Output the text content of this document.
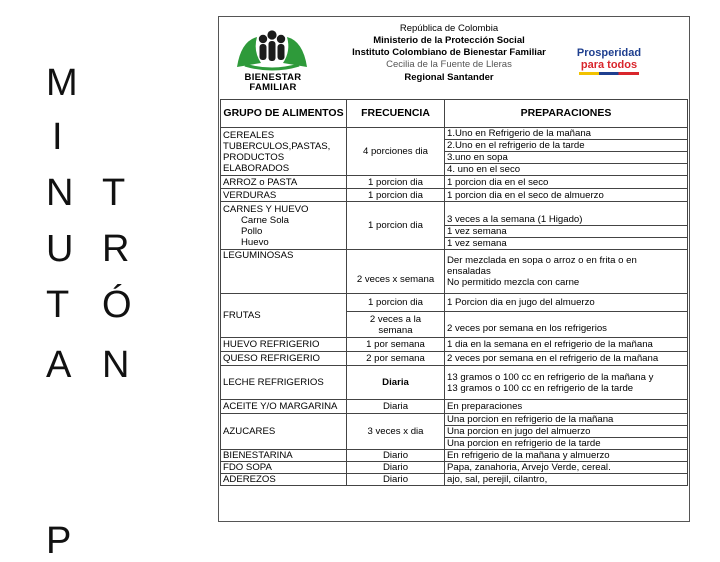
M
I
N
U
T
A
P
T
R
Ó
N
BIENESTAR
FAMILIAR
República de Colombia
Ministerio de la Protección Social
Instituto Colombiano de Bienestar Familiar
Cecilia de la Fuente de Lleras
Regional Santander
Prosperidad
para todos
GRUPO DE ALIMENTOS	FRECUENCIA	PREPARACIONES

CEREALES
TUBERCULOS,PASTAS,
PRODUCTOS
ELABORADOS	4 porciones dia	1.Uno en Refrigerio de la mañana
		2.Uno en el refrigerio de la tarde
		3.uno en sopa
		4. uno en el seco
ARROZ o PASTA	1 porcion dia	1 porcion dia en el seco
VERDURAS	1 porcion dia	1 porcion dia en el seco de almuerzo

CARNES Y HUEVO
Carne Sola
Pollo
Huevo	1 porcion dia	
		3 veces a la semana (1 Higado)
		1 vez semana
		1 vez semana
LEGUMINOSAS	2 veces x semana	Der mezclada en sopa o arroz o en frita o en
ensaladas
No permitido mezcla con carne

FRUTAS	1 porcion dia	1 Porcion dia en jugo del almuerzo
	2 veces a la semana	2 veces por semana en los refrigerios
HUEVO REFRIGERIO	1 por semana	1 dia en la semana en el refrigerio de la mañana
QUESO REFRIGERIO	2 por semana	2 veces por semana en el refrigerio de la mañana
LECHE REFRIGERIOS	Diaria	13 gramos o 100 cc en refrigerio de la mañana y
13 gramos o 100 cc en refrigerio de la tarde

ACEITE Y/O MARGARINA	Diaria	En preparaciones
AZUCARES	3 veces x dia	Una porcion en refrigerio de la mañana
		Una porcion en jugo del almuerzo
		Una porcion en refrigerio de la tarde
BIENESTARINA	Diario	En refrigerio de la mañana y almuerzo
FDO SOPA	Diario	Papa, zanahoria, Arvejo Verde, cereal.
ADEREZOS	Diario	ajo, sal, perejil, cilantro,
